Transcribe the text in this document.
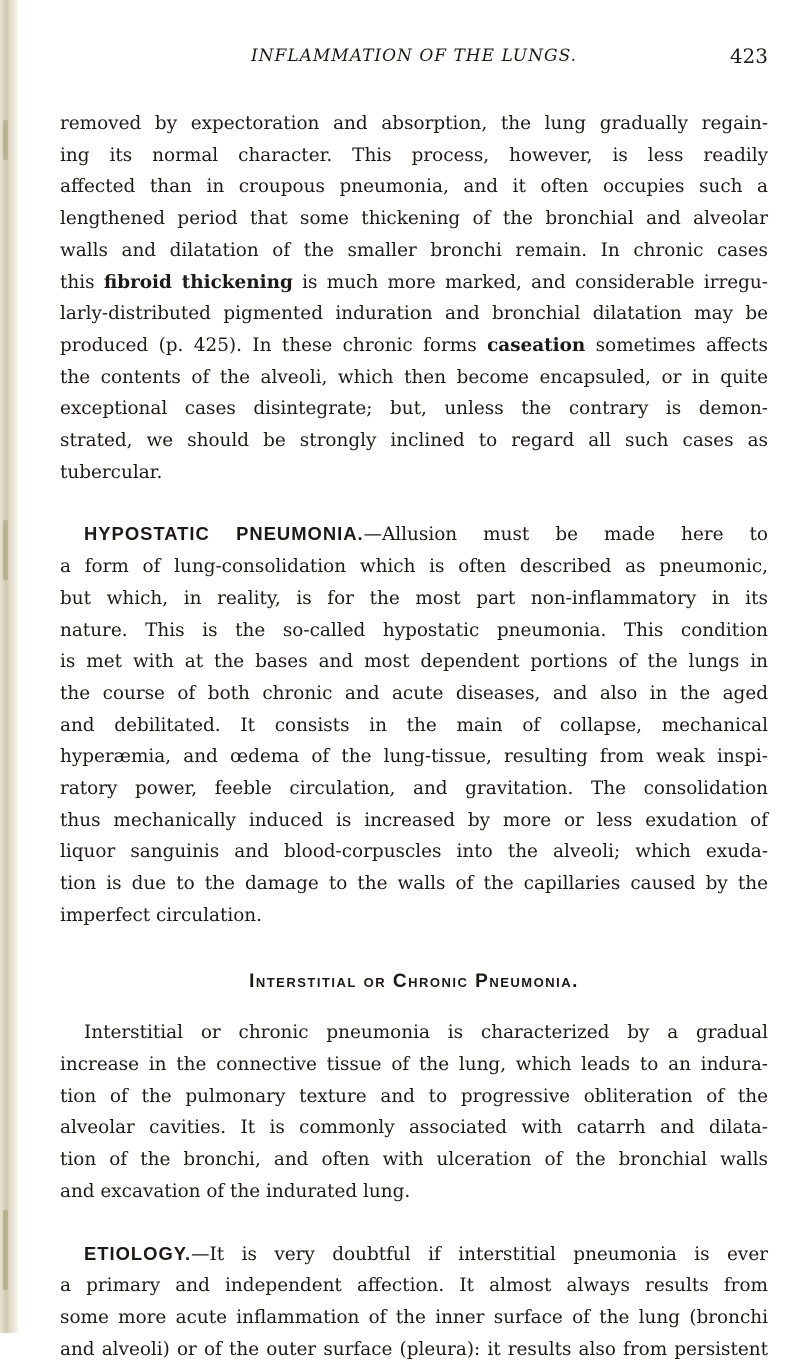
INFLAMMATION OF THE LUNGS.	423
removed by expectoration and absorption, the lung gradually regain-
ing its normal character. This process, however, is less readily
affected than in croupous pneumonia, and it often occupies such a
lengthened period that some thickening of the bronchial and alveolar
walls and dilatation of the smaller bronchi remain. In chronic cases
this fibroid thickening is much more marked, and considerable irregu-
larly-distributed pigmented induration and bronchial dilatation may be
produced (p. 425). In these chronic forms caseation sometimes affects
the contents of the alveoli, which then become encapsuled, or in quite
exceptional cases disintegrate; but, unless the contrary is demon-
strated, we should be strongly inclined to regard all such cases as
tubercular.
HYPOSTATIC PNEUMONIA.—Allusion must be made here to
a form of lung-consolidation which is often described as pneumonic,
but which, in reality, is for the most part non-inflammatory in its
nature. This is the so-called hypostatic pneumonia. This condition
is met with at the bases and most dependent portions of the lungs in
the course of both chronic and acute diseases, and also in the aged
and debilitated. It consists in the main of collapse, mechanical
hyperæmia, and œdema of the lung-tissue, resulting from weak inspi-
ratory power, feeble circulation, and gravitation. The consolidation
thus mechanically induced is increased by more or less exudation of
liquor sanguinis and blood-corpuscles into the alveoli; which exuda-
tion is due to the damage to the walls of the capillaries caused by the
imperfect circulation.
Interstitial or Chronic Pneumonia.
Interstitial or chronic pneumonia is characterized by a gradual
increase in the connective tissue of the lung, which leads to an indura-
tion of the pulmonary texture and to progressive obliteration of the
alveolar cavities. It is commonly associated with catarrh and dilata-
tion of the bronchi, and often with ulceration of the bronchial walls
and excavation of the indurated lung.
ETIOLOGY.—It is very doubtful if interstitial pneumonia is ever
a primary and independent affection. It almost always results from
some more acute inflammation of the inner surface of the lung (bronchi
and alveoli) or of the outer surface (pleura): it results also from persistent
